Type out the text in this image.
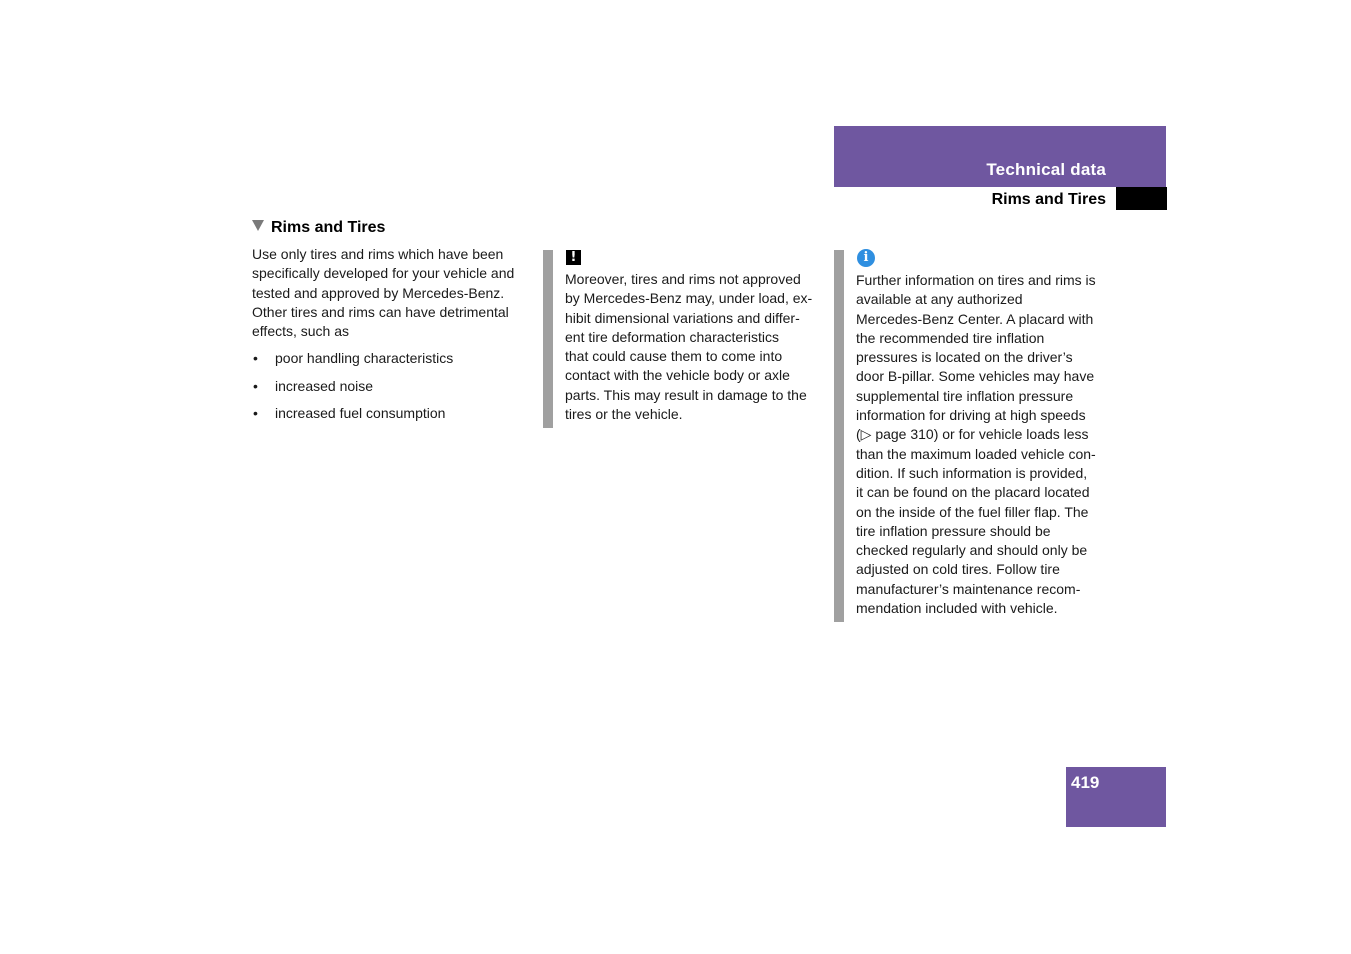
Technical data
Rims and Tires
Rims and Tires

Use only tires and rims which have been specifically developed for your vehicle and tested and approved by Mercedes-Benz. Other tires and rims can have detrimental effects, such as

• poor handling characteristics
• increased noise
• increased fuel consumption
!
Moreover, tires and rims not approved
by Mercedes-Benz may, under load, ex-
hibit dimensional variations and differ-
ent tire deformation characteristics
that could cause them to come into
contact with the vehicle body or axle
parts. This may result in damage to the
tires or the vehicle.
i
Further information on tires and rims is
available at any authorized
Mercedes-Benz Center. A placard with
the recommended tire inflation
pressures is located on the driver’s
door B-pillar. Some vehicles may have
supplemental tire inflation pressure
information for driving at high speeds
(▷ page 310) or for vehicle loads less
than the maximum loaded vehicle con-
dition. If such information is provided,
it can be found on the placard located
on the inside of the fuel filler flap. The
tire inflation pressure should be
checked regularly and should only be
adjusted on cold tires. Follow tire
manufacturer’s maintenance recom-
mendation included with vehicle.
419
